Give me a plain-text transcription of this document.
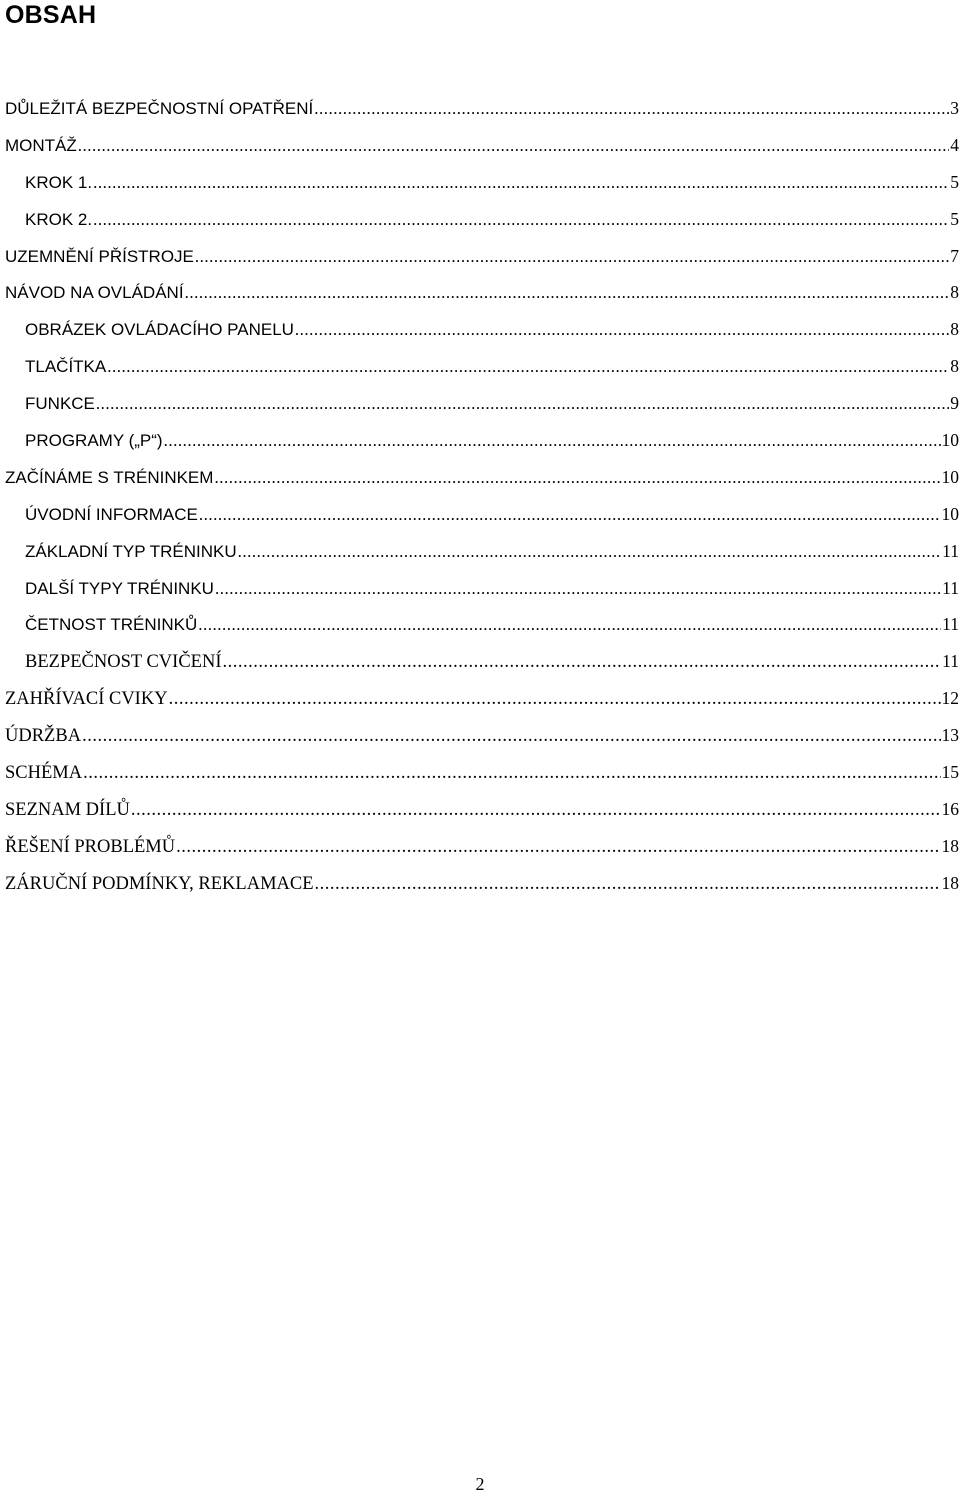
OBSAH
DŮLEŽITÁ BEZPEČNOSTNÍ OPATŘENÍ .....	3
MONTÁŽ .....	4
KROK 1. .....	5
KROK 2. .....	5
UZEMNĚNÍ PŘÍSTROJE .....	7
NÁVOD NA OVLÁDÁNÍ .....	8
OBRÁZEK OVLÁDACÍHO PANELU .....	8
TLAČÍTKA .....	8
FUNKCE .....	9
PROGRAMY („P“) .....	10
ZAČÍNÁME S TRÉNINKEM .....	10
ÚVODNÍ INFORMACE .....	10
ZÁKLADNÍ TYP TRÉNINKU .....	11
DALŠÍ TYPY TRÉNINKU .....	11
ČETNOST TRÉNINKŮ .....	11
BEZPEČNOST CVIČENÍ .....	11
ZAHŘÍVACÍ CVIKY .....	12
ÚDRŽBA .....	13
SCHÉMA .....	15
SEZNAM DÍLŮ .....	16
ŘEŠENÍ PROBLÉMŮ .....	18
ZÁRUČNÍ PODMÍNKY, REKLAMACE .....	18
2
